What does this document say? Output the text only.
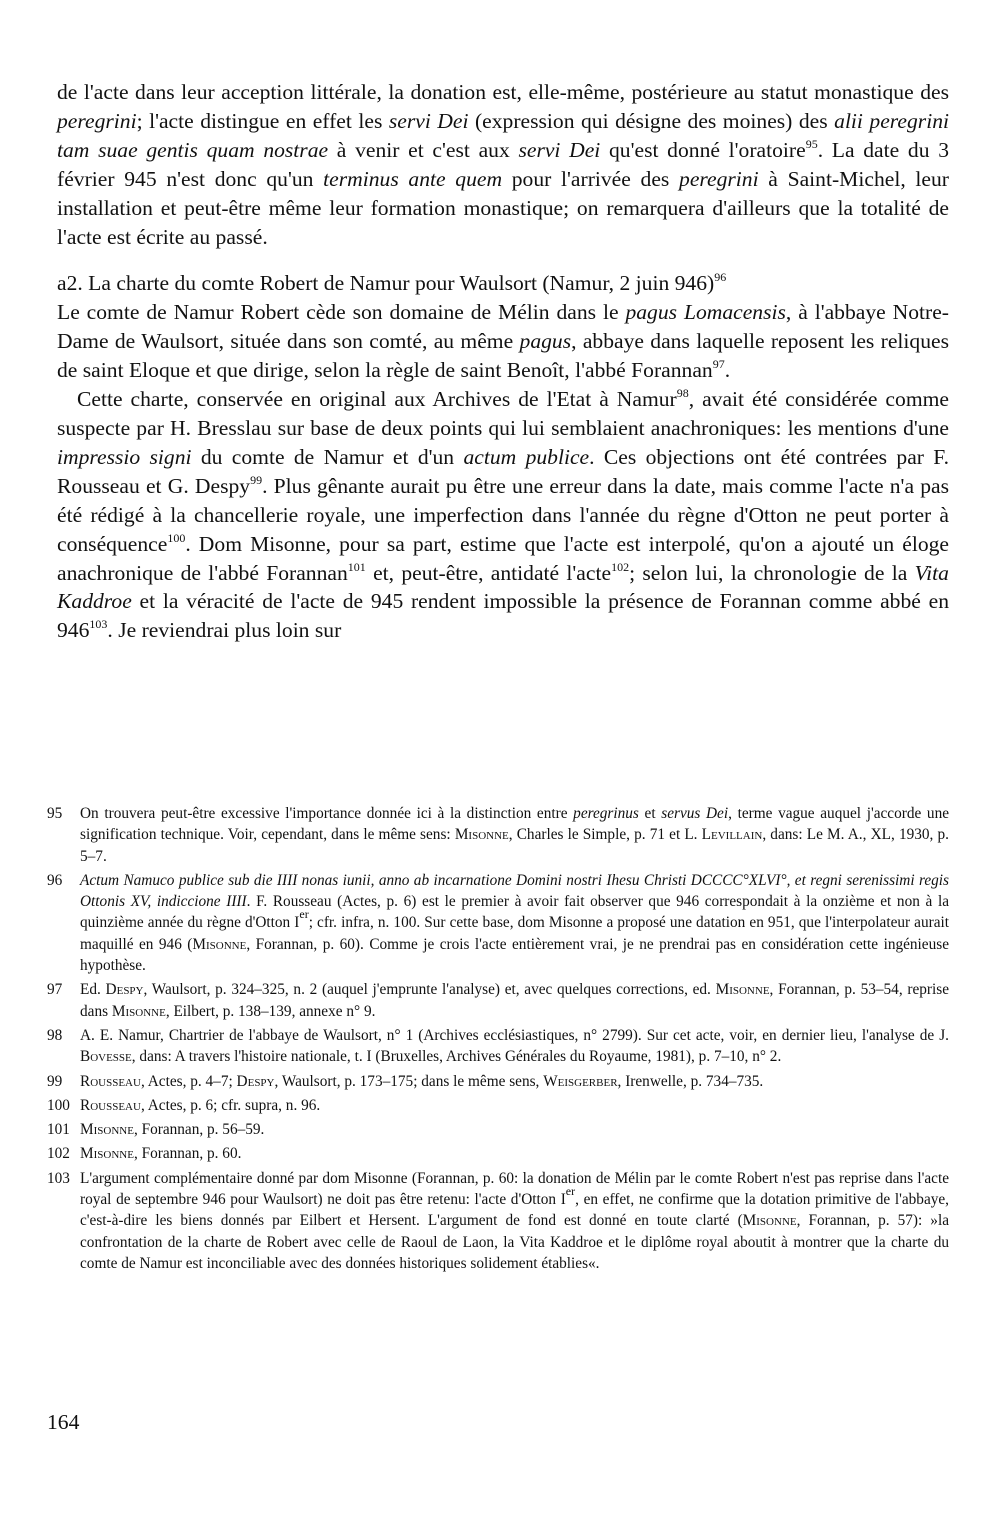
de l'acte dans leur acception littérale, la donation est, elle-même, postérieure au statut monastique des peregrini; l'acte distingue en effet les servi Dei (expression qui désigne des moines) des alii peregrini tam suae gentis quam nostrae à venir et c'est aux servi Dei qu'est donné l'oratoire$^{95}$. La date du 3 février 945 n'est donc qu'un terminus ante quem pour l'arrivée des peregrini à Saint-Michel, leur installation et peut-être même leur formation monastique; on remarquera d'ailleurs que la totalité de l'acte est écrite au passé.

a2. La charte du comte Robert de Namur pour Waulsort (Namur, 2 juin 946)$^{96}$

Le comte de Namur Robert cède son domaine de Mélin dans le pagus Lomacensis, à l'abbaye Notre-Dame de Waulsort, située dans son comté, au même pagus, abbaye dans laquelle reposent les reliques de saint Eloque et que dirige, selon la règle de saint Benoît, l'abbé Forannan$^{97}$.

Cette charte, conservée en original aux Archives de l'Etat à Namur$^{98}$, avait été considérée comme suspecte par H. Bresslau sur base de deux points qui lui semblaient anachroniques: les mentions d'une impressio signi du comte de Namur et d'un actum publice. Ces objections ont été contrées par F. Rousseau et G. Despy$^{99}$. Plus gênante aurait pu être une erreur dans la date, mais comme l'acte n'a pas été rédigé à la chancellerie royale, une imperfection dans l'année du règne d'Otton ne peut porter à conséquence$^{100}$. Dom Misonne, pour sa part, estime que l'acte est interpolé, qu'on a ajouté un éloge anachronique de l'abbé Forannan$^{101}$ et, peut-être, antidaté l'acte$^{102}$; selon lui, la chronologie de la Vita Kaddroe et la véracité de l'acte de 945 rendent impossible la présence de Forannan comme abbé en 946$^{103}$. Je reviendrai plus loin sur

95	On trouvera peut-être excessive l'importance donnée ici à la distinction entre peregrinus et servus Dei, terme vague auquel j'accorde une signification technique. Voir, cependant, dans le même sens: Misonne, Charles le Simple, p. 71 et L. Levillain, dans: Le M. A., XL, 1930, p. 5–7.
96	Actum Namuco publice sub die IIII nonas iunii, anno ab incarnatione Domini nostri Ihesu Christi DCCCC°XLVI°, et regni serenissimi regis Ottonis XV, indiccione IIII. F. Rousseau (Actes, p. 6) est le premier à avoir fait observer que 946 correspondait à la onzième et non à la quinzième année du règne d'Otton Ier; cfr. infra, n. 100. Sur cette base, dom Misonne a proposé une datation en 951, que l'interpolateur aurait maquillé en 946 (Misonne, Forannan, p. 60). Comme je crois l'acte entièrement vrai, je ne prendrai pas en considération cette ingénieuse hypothèse.
97	Ed. Despy, Waulsort, p. 324–325, n. 2 (auquel j'emprunte l'analyse) et, avec quelques corrections, ed. Misonne, Forannan, p. 53–54, reprise dans Misonne, Eilbert, p. 138–139, annexe n° 9.
98	A. E. Namur, Chartrier de l'abbaye de Waulsort, n° 1 (Archives ecclésiastiques, n° 2799). Sur cet acte, voir, en dernier lieu, l'analyse de J. Bovesse, dans: A travers l'histoire nationale, t. I (Bruxelles, Archives Générales du Royaume, 1981), p. 7–10, n° 2.
99	Rousseau, Actes, p. 4–7; Despy, Waulsort, p. 173–175; dans le même sens, Weisgerber, Irenwelle, p. 734–735.
100 Rousseau, Actes, p. 6; cfr. supra, n. 96.
101 Misonne, Forannan, p. 56–59.
102 Misonne, Forannan, p. 60.
103 L'argument complémentaire donné par dom Misonne (Forannan, p. 60: la donation de Mélin par le comte Robert n'est pas reprise dans l'acte royal de septembre 946 pour Waulsort) ne doit pas être retenu: l'acte d'Otton Ier, en effet, ne confirme que la dotation primitive de l'abbaye, c'est-à-dire les biens donnés par Eilbert et Hersent. L'argument de fond est donné en toute clarté (Misonne, Forannan, p. 57): »la confrontation de la charte de Robert avec celle de Raoul de Laon, la Vita Kaddroe et le diplôme royal aboutit à montrer que la charte du comte de Namur est inconciliable avec des données historiques solidement établies«.
164
